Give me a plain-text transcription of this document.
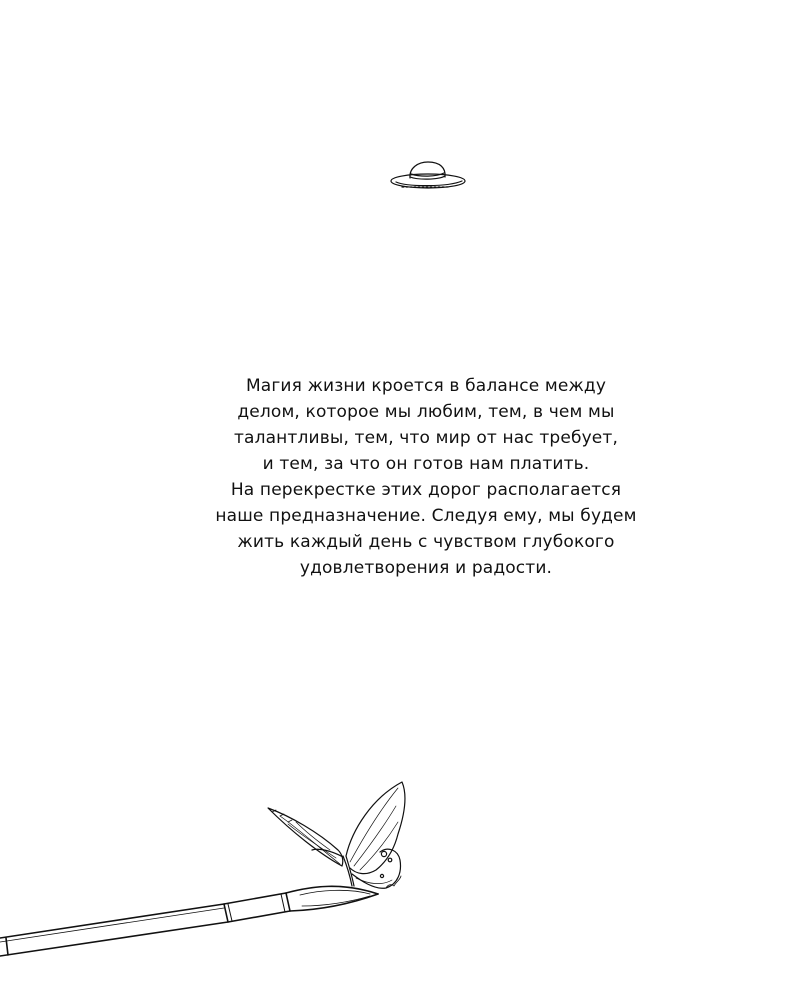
Магия жизни кроется в балансе между
делом, которое мы любим, тем, в чем мы
талантливы, тем, что мир от нас требует,
и тем, за что он готов нам платить.
На перекрестке этих дорог располагается
наше предназначение. Следуя ему, мы будем
жить каждый день с чувством глубокого
удовлетворения и радости.
